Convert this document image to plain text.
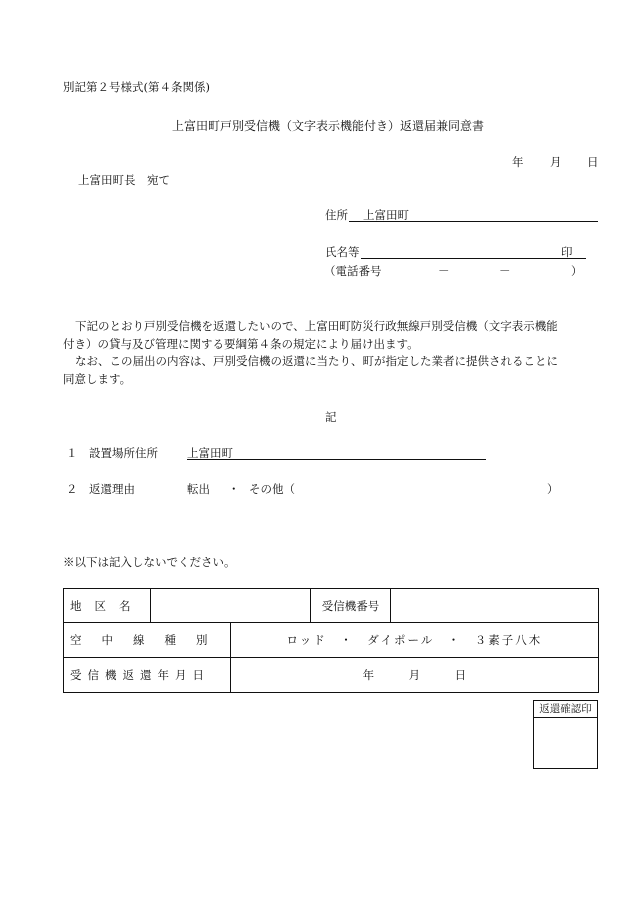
別記第２号様式(第４条関係)
上富田町戸別受信機（文字表示機能付き）返還届兼同意書
年 月 日
上富田町長　宛て
住所 上富田町
氏名等	印
（電話番号	－	－	）
下記のとおり戸別受信機を返還したいので、上富田町防災行政無線戸別受信機（文字表示機能
付き）の貸与及び管理に関する要綱第４条の規定により届け出ます。
なお、この届出の内容は、戸別受信機の返還に当たり、町が指定した業者に提供されることに
同意します。
記
１ 設置場所住所	上富田町
２ 返還理由	転出 ・ その他（	）
※以下は記入しないでください。
地区名			受信機番号	
空中線種別		ロッド　・　ダイポール　・　３素子八木		
受信機返還年月日		年　　　月　　　日		
返還確認印
